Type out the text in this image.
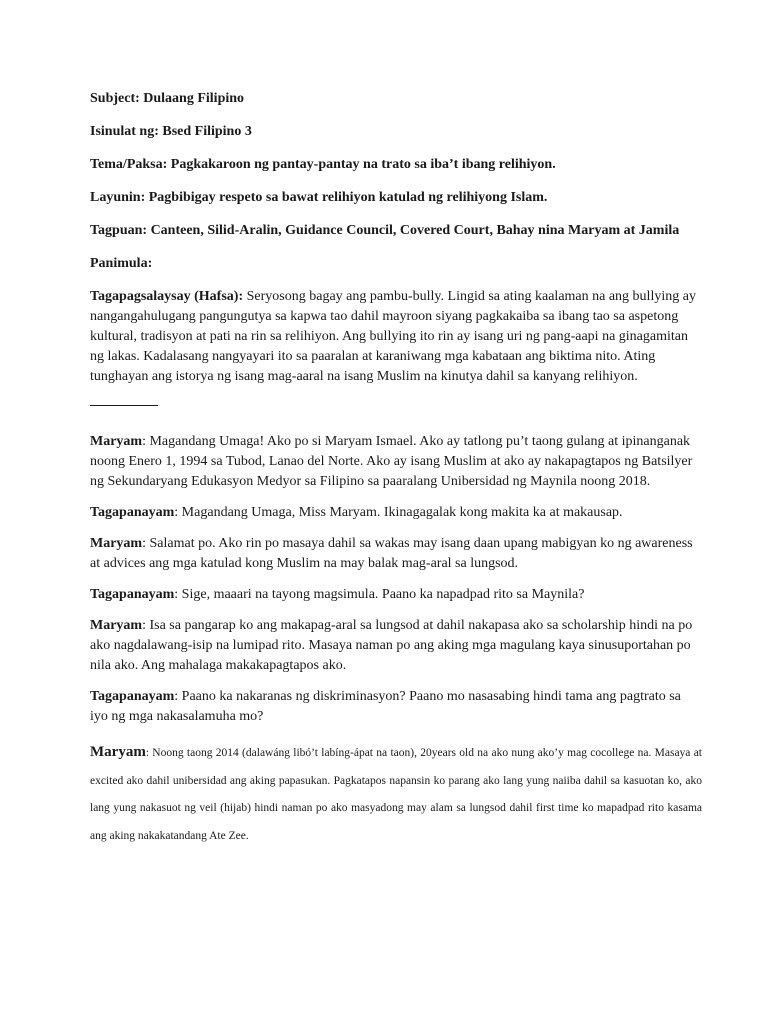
Subject: Dulaang Filipino

Isinulat ng: Bsed Filipino 3

Tema/Paksa: Pagkakaroon ng pantay-pantay na trato sa iba’t ibang relihiyon.

Layunin: Pagbibigay respeto sa bawat relihiyon katulad ng relihiyong Islam.

Tagpuan: Canteen, Silid-Aralin, Guidance Council, Covered Court, Bahay nina Maryam at Jamila

Panimula:

Tagapagsalaysay (Hafsa): Seryosong bagay ang pambu-bully. Lingid sa ating kaalaman na ang bullying ay nangangahulugang pangungutya sa kapwa tao dahil mayroon siyang pagkakaiba sa ibang tao sa aspetong kultural, tradisyon at pati na rin sa relihiyon. Ang bullying ito rin ay isang uri ng pang-aapi na ginagamitan ng lakas. Kadalasang nangyayari ito sa paaralan at karaniwang mga kabataan ang biktima nito. Ating tunghayan ang istorya ng isang mag-aaral na isang Muslim na kinutya dahil sa kanyang relihiyon.

Maryam: Magandang Umaga! Ako po si Maryam Ismael. Ako ay tatlong pu’t taong gulang at ipinanganak noong Enero 1, 1994 sa Tubod, Lanao del Norte. Ako ay isang Muslim at ako ay nakapagtapos ng Batsilyer ng Sekundaryang Edukasyon Medyor sa Filipino sa paaralang Unibersidad ng Maynila noong 2018.

Tagapanayam: Magandang Umaga, Miss Maryam. Ikinagagalak kong makita ka at makausap.

Maryam: Salamat po. Ako rin po masaya dahil sa wakas may isang daan upang mabigyan ko ng awareness at advices ang mga katulad kong Muslim na may balak mag-aral sa lungsod.

Tagapanayam: Sige, maaari na tayong magsimula. Paano ka napadpad rito sa Maynila?

Maryam: Isa sa pangarap ko ang makapag-aral sa lungsod at dahil nakapasa ako sa scholarship hindi na po ako nagdalawang-isip na lumipad rito. Masaya naman po ang aking mga magulang kaya sinusuportahan po nila ako. Ang mahalaga makakapagtapos ako.

Tagapanayam: Paano ka nakaranas ng diskriminasyon? Paano mo nasasabing hindi tama ang pagtrato sa iyo ng mga nakasalamuha mo?

Maryam: Noong taong 2014 (dalawáng libó’t labíng-ápat na taon), 20years old na ako nung ako’y mag cocollege na. Masaya at excited ako dahil unibersidad ang aking papasukan. Pagkatapos napansin ko parang ako lang yung naiiba dahil sa kasuotan ko, ako lang yung nakasuot ng veil (hijab) hindi naman po ako masyadong may alam sa lungsod dahil first time ko mapadpad rito kasama ang aking nakakatandang Ate Zee.
